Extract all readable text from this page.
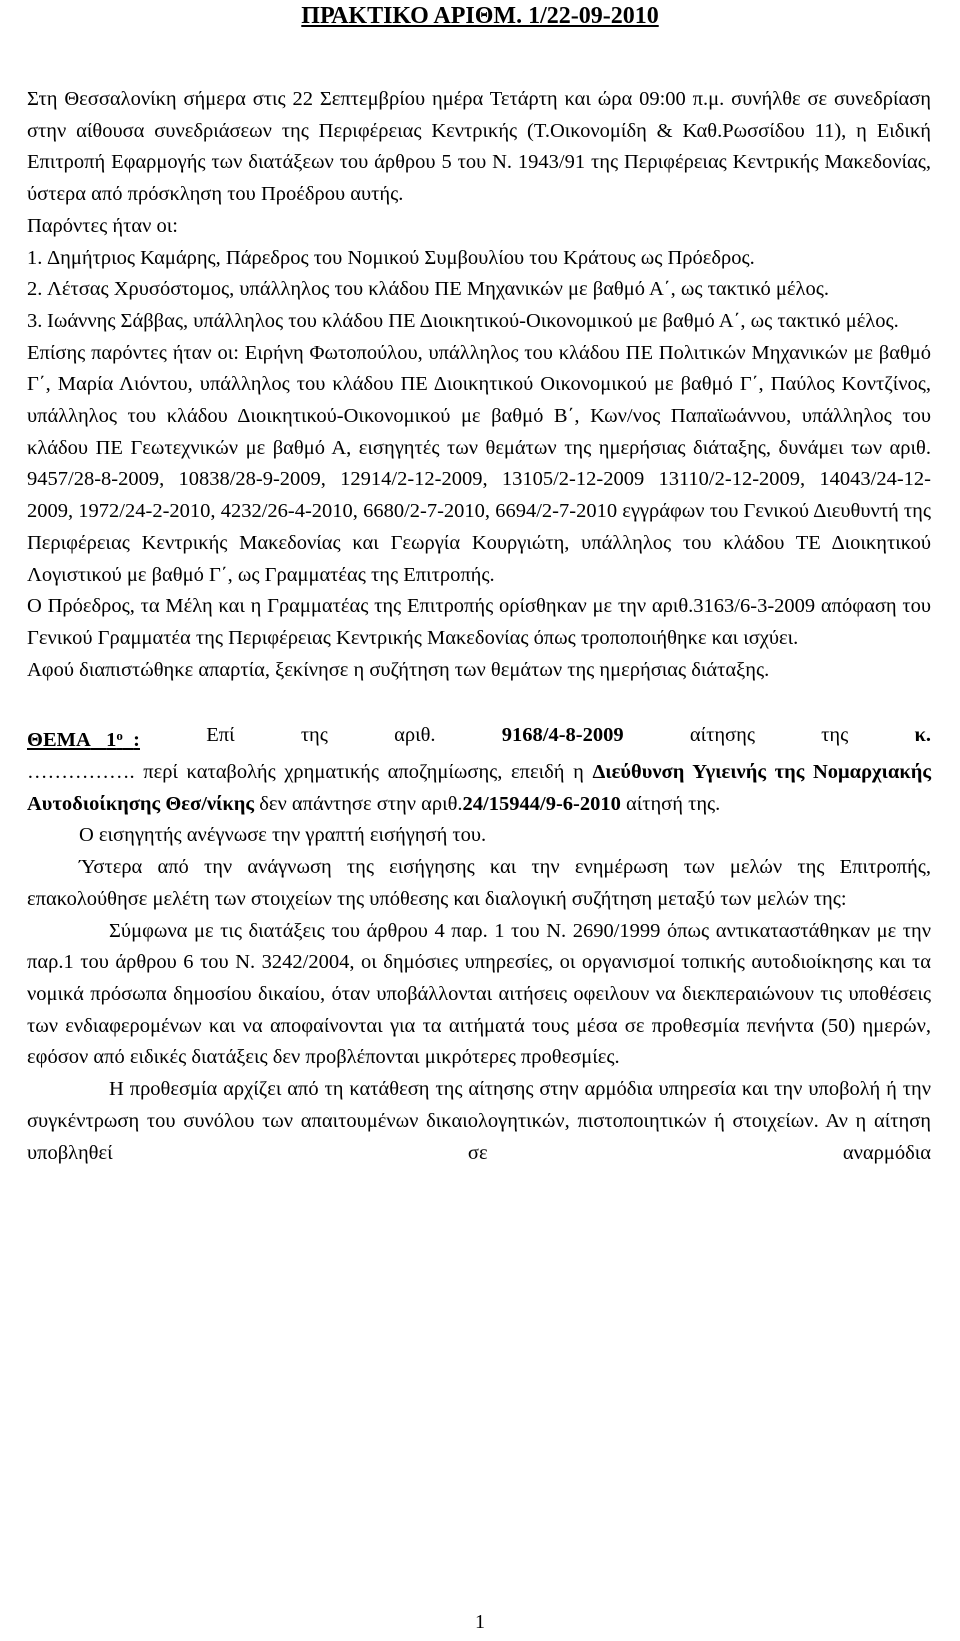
ΠΡΑΚΤΙΚΟ ΑΡΙΘΜ. 1/22-09-2010

Στη Θεσσαλονίκη σήμερα στις 22 Σεπτεμβρίου ημέρα Τετάρτη και ώρα 09:00 π.μ. συνήλθε σε συνεδρίαση στην αίθουσα συνεδριάσεων της Περιφέρειας Κεντρικής (Τ.Οικονομίδη & Καθ.Ρωσσίδου 11), η Ειδική Επιτροπή Εφαρμογής των διατάξεων του άρθρου 5 του Ν. 1943/91 της Περιφέρειας Κεντρικής Μακεδονίας, ύστερα από πρόσκληση του Προέδρου αυτής.

Παρόντες ήταν οι:

1. Δημήτριος Καμάρης, Πάρεδρος του Νομικού Συμβουλίου του Κράτους ως Πρόεδρος.
2. Λέτσας Χρυσόστομος, υπάλληλος του κλάδου ΠΕ Μηχανικών με βαθμό Α΄, ως τακτικό μέλος.
3. Ιωάννης Σάββας, υπάλληλος του κλάδου ΠΕ Διοικητικού-Οικονομικού με βαθμό Α΄, ως τακτικό μέλος.

Επίσης παρόντες ήταν οι: Ειρήνη Φωτοπούλου, υπάλληλος του κλάδου ΠΕ Πολιτικών Μηχανικών με βαθμό Γ΄, Μαρία Λιόντου, υπάλληλος του κλάδου ΠΕ Διοικητικού Οικονομικού με βαθμό Γ΄, Παύλος Κοντζίνος, υπάλληλος του κλάδου Διοικητικού-Οικονομικού με βαθμό Β΄, Κων/νος Παπαϊωάννου, υπάλληλος του κλάδου ΠΕ Γεωτεχνικών με βαθμό Α, εισηγητές των θεμάτων της ημερήσιας διάταξης, δυνάμει των αριθ. 9457/28-8-2009, 10838/28-9-2009, 12914/2-12-2009, 13105/2-12-2009 13110/2-12-2009, 14043/24-12-2009, 1972/24-2-2010, 4232/26-4-2010, 6680/2-7-2010, 6694/2-7-2010 εγγράφων του Γενικού Διευθυντή της Περιφέρειας Κεντρικής Μακεδονίας και Γεωργία Κουργιώτη, υπάλληλος του κλάδου ΤΕ Διοικητικού Λογιστικού με βαθμό Γ΄, ως Γραμματέας της Επιτροπής.

Ο Πρόεδρος, τα Μέλη και η Γραμματέας της Επιτροπής ορίσθηκαν με την αριθ.3163/6-3-2009 απόφαση του Γενικού Γραμματέα της Περιφέρειας Κεντρικής Μακεδονίας όπως τροποποιήθηκε και ισχύει.

Αφού διαπιστώθηκε απαρτία, ξεκίνησε η συζήτηση των θεμάτων της ημερήσιας διάταξης.

ΘΕΜΑ $1^o$ :	Επί	της	αριθ.	9168/4-8-2009	αίτησης	της	κ.

……………. περί καταβολής χρηματικής αποζημίωσης, επειδή η Διεύθυνση Υγιεινής της Νομαρχιακής Αυτοδιοίκησης Θεσ/νίκης δεν απάντησε στην αριθ.24/15944/9-6-2010 αίτησή της.

Ο εισηγητής ανέγνωσε την γραπτή εισήγησή του.

Ύστερα από την ανάγνωση της εισήγησης και την ενημέρωση των μελών της Επιτροπής, επακολούθησε μελέτη των στοιχείων της υπόθεσης και διαλογική συζήτηση μεταξύ των μελών της:

Σύμφωνα με τις διατάξεις του άρθρου 4 παρ. 1 του Ν. 2690/1999 όπως αντικαταστάθηκαν με την παρ.1 του άρθρου 6 του Ν. 3242/2004, οι δημόσιες υπηρεσίες, οι οργανισμοί τοπικής αυτοδιοίκησης και τα νομικά πρόσωπα δημοσίου δικαίου, όταν υποβάλλονται αιτήσεις οφειλουν να διεκπεραιώνουν τις υποθέσεις των ενδιαφερομένων και να αποφαίνονται για τα αιτήματά τους μέσα σε προθεσμία πενήντα (50) ημερών, εφόσον από ειδικές διατάξεις δεν προβλέπονται μικρότερες προθεσμίες.

Η προθεσμία αρχίζει από τη κατάθεση της αίτησης στην αρμόδια υπηρεσία και την υποβολή ή την συγκέντρωση του συνόλου των απαιτουμένων δικαιολογητικών, πιστοποιητικών ή στοιχείων. Αν η αίτηση υποβληθεί σε αναρμόδια

1
